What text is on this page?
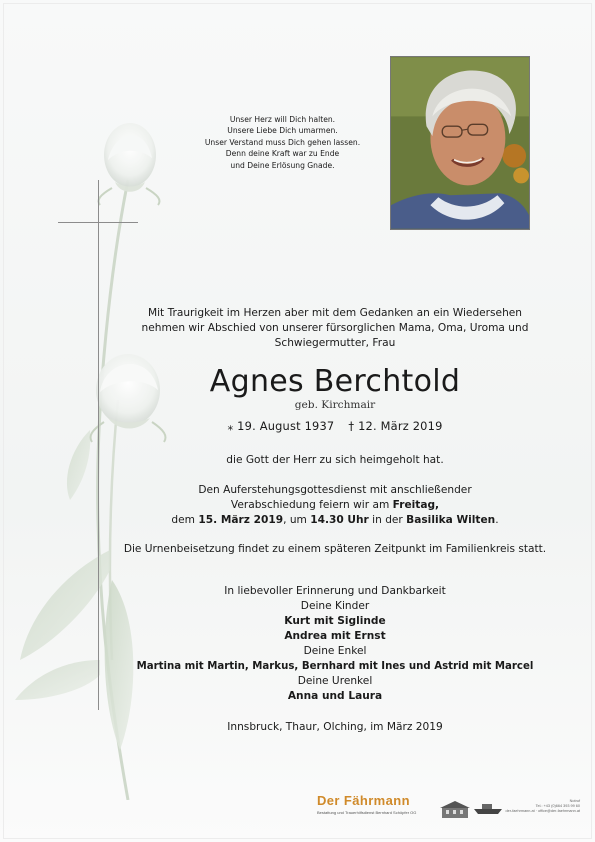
Unser Herz will Dich halten.
Unsere Liebe Dich umarmen.
Unser Verstand muss Dich gehen lassen.
Denn deine Kraft war zu Ende
und Deine Erlösung Gnade.
Mit Traurigkeit im Herzen aber mit dem Gedanken an ein Wiedersehen
nehmen wir Abschied von unserer fürsorglichen Mama, Oma, Uroma und
Schwiegermutter, Frau
Agnes Berchtold
geb. Kirchmair
⁎ 19. August 1937 † 12. März 2019
die Gott der Herr zu sich heimgeholt hat.
Den Auferstehungsgottesdienst mit anschließender
Verabschiedung feiern wir am Freitag,
dem 15. März 2019, um 14.30 Uhr in der Basilika Wilten.
Die Urnenbeisetzung findet zu einem späteren Zeitpunkt im Familienkreis statt.
In liebevoller Erinnerung und Dankbarkeit
Deine Kinder
Kurt mit Siglinde
Andrea mit Ernst
Deine Enkel
Martina mit Martin, Markus, Bernhard mit Ines und Astrid mit Marcel
Deine Urenkel
Anna und Laura
Innsbruck, Thaur, Olching, im März 2019
Der Fährmann
Bestattung und Trauerhilfsdienst Bernhard Schöpfer OG
Notruf
Tel.: +43 (0)664 393 99 60
der-faehrmann.at · office@der-faehrmann.at
